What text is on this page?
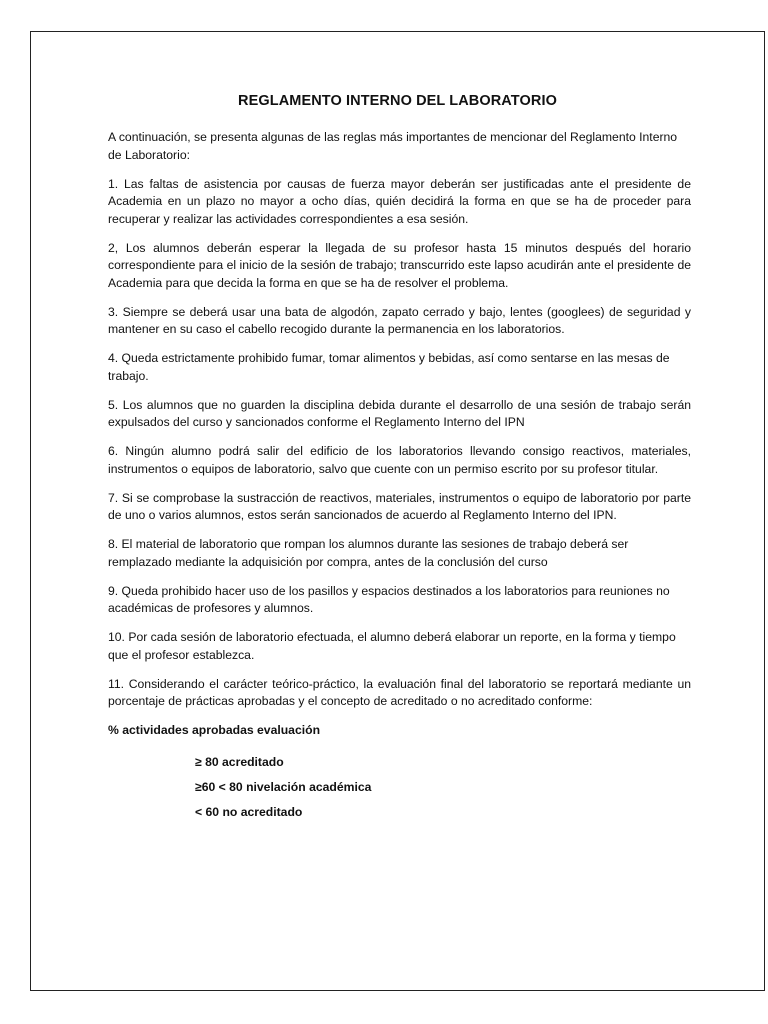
REGLAMENTO INTERNO DEL LABORATORIO

A continuación, se presenta algunas de las reglas más importantes de mencionar del Reglamento Interno de Laboratorio:

1. Las faltas de asistencia por causas de fuerza mayor deberán ser justificadas ante el presidente de Academia en un plazo no mayor a ocho días, quién decidirá la forma en que se ha de proceder para recuperar y realizar las actividades correspondientes a esa sesión.

2, Los alumnos deberán esperar la llegada de su profesor hasta 15 minutos después del horario correspondiente para el inicio de la sesión de trabajo; transcurrido este lapso acudirán ante el presidente de Academia para que decida la forma en que se ha de resolver el problema.

3. Siempre se deberá usar una bata de algodón, zapato cerrado y bajo, lentes (googlees) de seguridad y mantener en su caso el cabello recogido durante la permanencia en los laboratorios.

4. Queda estrictamente prohibido fumar, tomar alimentos y bebidas, así como sentarse en las mesas de trabajo.

5. Los alumnos que no guarden la disciplina debida durante el desarrollo de una sesión de trabajo serán expulsados del curso y sancionados conforme el Reglamento Interno del IPN

6. Ningún alumno podrá salir del edificio de los laboratorios llevando consigo reactivos, materiales, instrumentos o equipos de laboratorio, salvo que cuente con un permiso escrito por su profesor titular.

7. Si se comprobase la sustracción de reactivos, materiales, instrumentos o equipo de laboratorio por parte de uno o varios alumnos, estos serán sancionados de acuerdo al Reglamento Interno del IPN.

8. El material de laboratorio que rompan los alumnos durante las sesiones de trabajo deberá ser remplazado mediante la adquisición por compra, antes de la conclusión del curso

9. Queda prohibido hacer uso de los pasillos y espacios destinados a los laboratorios para reuniones no académicas de profesores y alumnos.

10. Por cada sesión de laboratorio efectuada, el alumno deberá elaborar un reporte, en la forma y tiempo que el profesor establezca.

11. Considerando el carácter teórico-práctico, la evaluación final del laboratorio se reportará mediante un porcentaje de prácticas aprobadas y el concepto de acreditado o no acreditado conforme:

% actividades aprobadas evaluación
≥ 80 acreditado
≥60 < 80 nivelación académica
< 60 no acreditado
